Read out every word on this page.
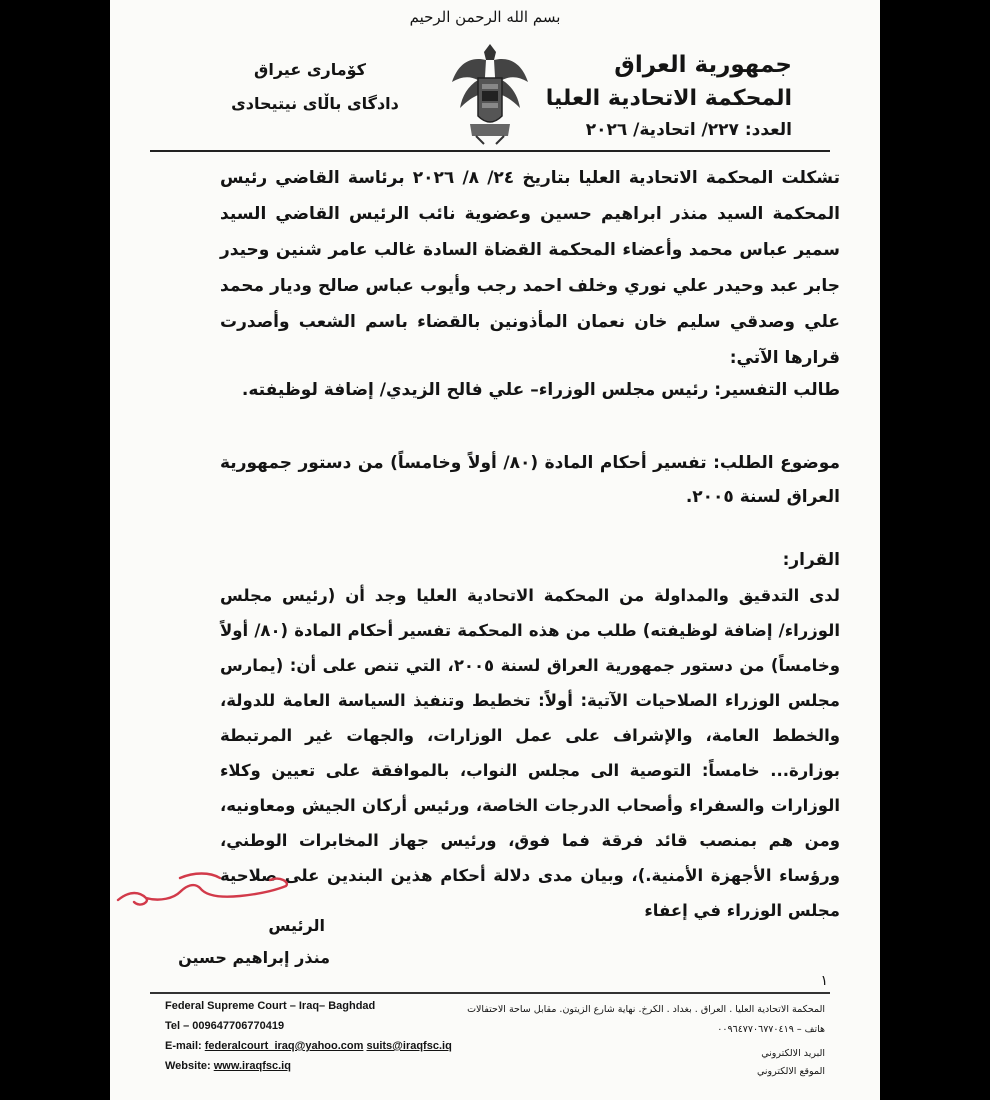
بسم الله الرحمن الرحيم
جمهورية العراق
المحكمة الاتحادية العليا
العدد: ٢٢٧/ اتحادية/ ٢٠٢٦
كۆمارى عيراق
دادگاى باڵای نيتيحادى
تشكلت المحكمة الاتحادية العليا بتاريخ ٢٤/ ٨/ ٢٠٢٦ برئاسة القاضي رئيس المحكمة السيد منذر ابراهيم حسين وعضوية نائب الرئيس القاضي السيد سمير عباس محمد وأعضاء المحكمة القضاة السادة غالب عامر شنين وحيدر جابر عبد وحيدر علي نوري وخلف احمد رجب وأيوب عباس صالح وديار محمد علي وصدقي سليم خان نعمان المأذونين بالقضاء باسم الشعب وأصدرت قرارها الآتي:
طالب التفسير: رئيس مجلس الوزراء– علي فالح الزيدي/ إضافة لوظيفته.
موضوع الطلب: تفسير أحكام المادة (٨٠/ أولاً وخامساً) من دستور جمهورية العراق لسنة ٢٠٠٥.
القرار:
لدى التدقيق والمداولة من المحكمة الاتحادية العليا وجد أن (رئيس مجلس الوزراء/ إضافة لوظيفته) طلب من هذه المحكمة تفسير أحكام المادة (٨٠/ أولاً وخامساً) من دستور جمهورية العراق لسنة ٢٠٠٥، التي تنص على أن: (يمارس مجلس الوزراء الصلاحيات الآتية: أولاً: تخطيط وتنفيذ السياسة العامة للدولة، والخطط العامة، والإشراف على عمل الوزارات، والجهات غير المرتبطة بوزارة... خامساً: التوصية الى مجلس النواب، بالموافقة على تعيين وكلاء الوزارات والسفراء وأصحاب الدرجات الخاصة، ورئيس أركان الجيش ومعاونيه، ومن هم بمنصب قائد فرقة فما فوق، ورئيس جهاز المخابرات الوطني، ورؤساء الأجهزة الأمنية.)، وبيان مدى دلالة أحكام هذين البندين على صلاحية مجلس الوزراء في إعفاء
الرئيس
منذر إبراهيم حسين
١
Federal Supreme Court – Iraq– Baghdad
Tel – 009647706770419
E-mail: federalcourt_iraq@yahoo.com suits@iraqfsc.iq
Website: www.iraqfsc.iq
المحكمة الاتحادية العليا . العراق . بغداد . الكرخ. نهاية شارع الزيتون. مقابل ساحة الاحتفالات
هاتف – ٠٠٩٦٤٧٧٠٦٧٧٠٤١٩
البريد الالكتروني
الموقع الالكتروني
